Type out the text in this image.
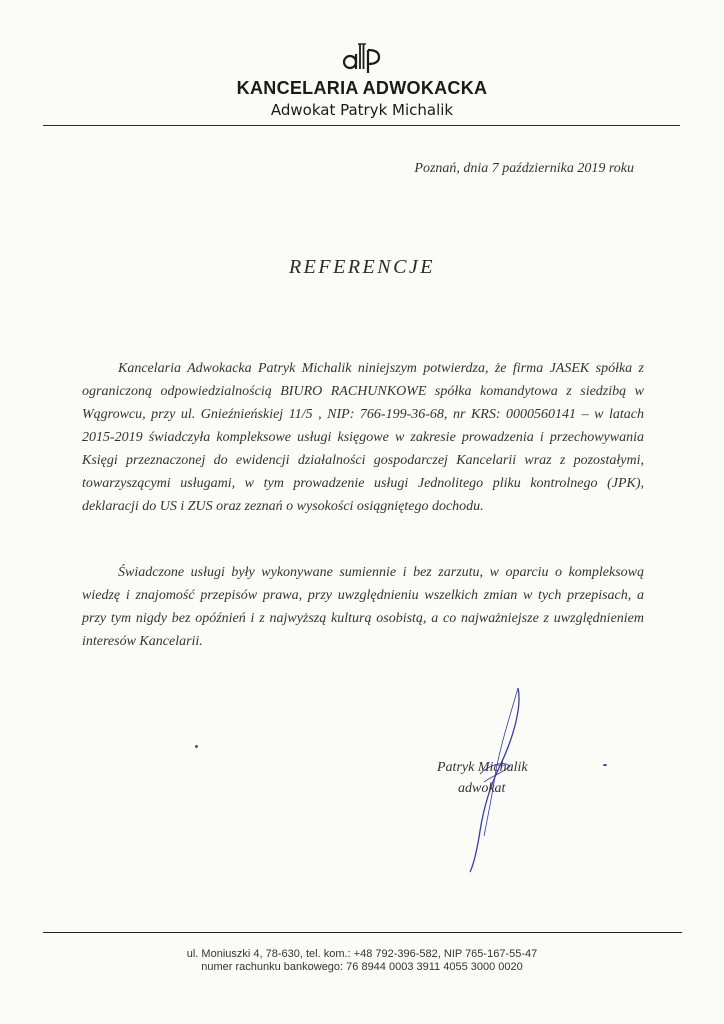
KANCELARIA ADWOKACKA
Adwokat Patryk Michalik
Poznań, dnia 7 października 2019 roku
REFERENCJE
Kancelaria Adwokacka Patryk Michalik niniejszym potwierdza, że firma JASEK spółka z ograniczoną odpowiedzialnością BIURO RACHUNKOWE spółka komandytowa z siedzibą w Wągrowcu, przy ul. Gnieźnieńskiej 11/5 , NIP: 766-199-36-68, nr KRS: 0000560141 – w latach 2015-2019 świadczyła kompleksowe usługi księgowe w zakresie prowadzenia i przechowywania Księgi przeznaczonej do ewidencji działalności gospodarczej Kancelarii wraz z pozostałymi, towarzyszącymi usługami, w tym prowadzenie usługi Jednolitego pliku kontrolnego (JPK), deklaracji do US i ZUS oraz zeznań o wysokości osiągniętego dochodu.
Świadczone usługi były wykonywane sumiennie i bez zarzutu, w oparciu o kompleksową wiedzę i znajomość przepisów prawa, przy uwzględnieniu wszelkich zmian w tych przepisach, a przy tym nigdy bez opóźnień i z najwyższą kulturą osobistą, a co najważniejsze z uwzględnieniem interesów Kancelarii.
Patryk Michalik
adwokat
ul. Moniuszki 4, 78-630, tel. kom.: +48 792-396-582, NIP 765-167-55-47
numer rachunku bankowego: 76 8944 0003 3911 4055 3000 0020
